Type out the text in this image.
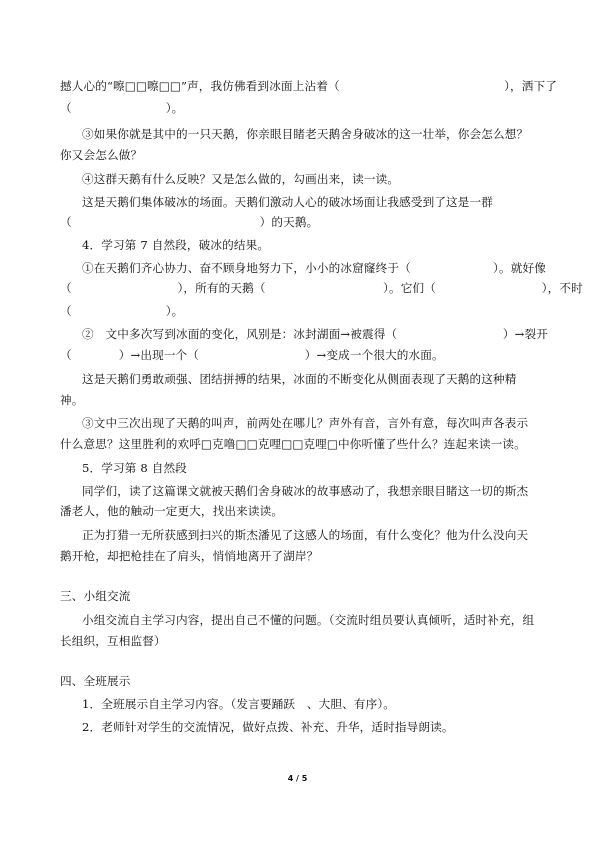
撼人心的“嚓□□嚓□□”声，我仿佛看到冰面上沾着（　　　　　　　　　　　　　　），洒下了
（　　　　　　　　）。
③如果你就是其中的一只天鹅，你亲眼目睹老天鹅舍身破冰的这一壮举，你会怎么想？
你又会怎么做？
④这群天鹅有什么反映？又是怎么做的，勾画出来，读一读。
这是天鹅们集体破冰的场面。天鹅们激动人心的破冰场面让我感受到了这是一群
（　　　　　　　　　　　　　　　　）的天鹅。
4．学习第 7 自然段，破冰的结果。
①在天鹅们齐心协力、奋不顾身地努力下，小小的冰窟窿终于（　　　　　　　）。就好像
（　　　　　　　　　），所有的天鹅（　　　　　　　　　　）。它们（　　　　　　　　　），不时
（　　　　　　　　）。
②　文中多次写到冰面的变化，风别是：冰封湖面→被震得（　　　　　　　　　）→裂开
（　　　　）→出现一个（　　　　　　　　　）→变成一个很大的水面。
这是天鹅们勇敢顽强、团结拼搏的结果，冰面的不断变化从侧面表现了天鹅的这种精
神。
③文中三次出现了天鹅的叫声，前两处在哪儿？声外有音，言外有意，每次叫声各表示
什么意思？这里胜利的欢呼□克噜□□克哩□□克哩□中你听懂了些什么？连起来读一读。
5．学习第 8 自然段
同学们，读了这篇课文就被天鹅们舍身破冰的故事感动了，我想亲眼目睹这一切的斯杰
潘老人，他的触动一定更大，找出来读读。
正为打猎一无所获感到扫兴的斯杰潘见了这感人的场面，有什么变化？他为什么没向天
鹅开枪，却把枪挂在了肩头，悄悄地离开了湖岸？
三、小组交流
小组交流自主学习内容，提出自己不懂的问题。（交流时组员要认真倾听，适时补充，组
长组织，互相监督）
四、全班展示
1．全班展示自主学习内容。（发言要踊跃　、大胆、有序）。
2．老师针对学生的交流情况，做好点拨、补充、升华，适时指导朗读。
4 / 5
